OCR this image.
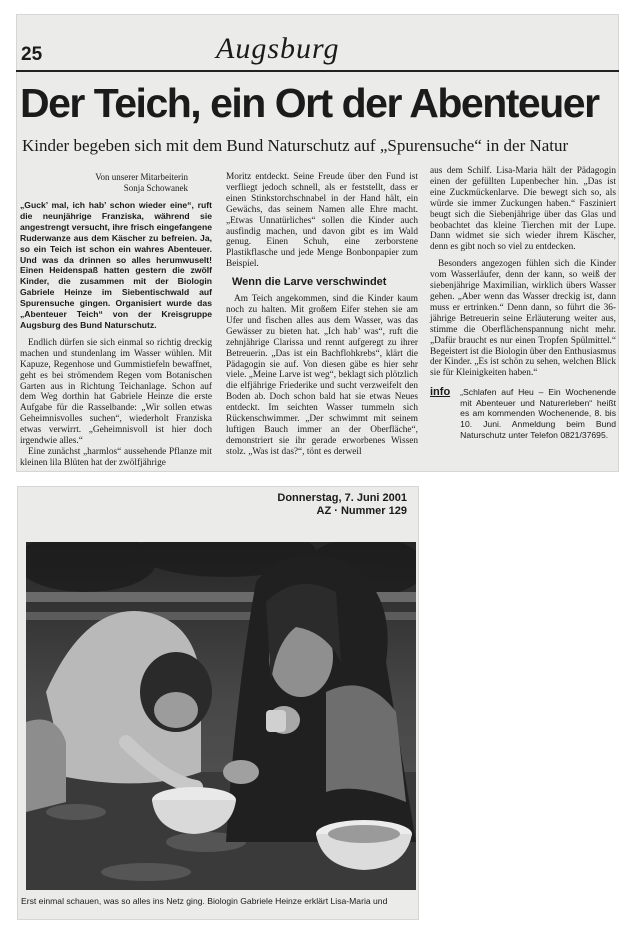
25	Augsburg
Der Teich, ein Ort der Abenteuer
Kinder begeben sich mit dem Bund Naturschutz auf „Spurensuche“ in der Natur
Von unserer Mitarbeiterin
Sonja Schowanek

„Guck’ mal, ich hab’ schon wieder eine“, ruft die neunjährige Franziska, während sie angestrengt versucht, ihre frisch eingefangene Ruderwanze aus dem Käscher zu befreien. Ja, so ein Teich ist schon ein wahres Abenteuer. Und was da drinnen so alles herumwuselt! Einen Heidenspaß hatten gestern die zwölf Kinder, die zusammen mit der Biologin Gabriele Heinze im Siebentischwald auf Spurensuche gingen. Organisiert wurde das „Abenteuer Teich“ von der Kreisgruppe Augsburg des Bund Naturschutz.

Endlich dürfen sie sich einmal so richtig dreckig machen und stundenlang im Wasser wühlen. Mit Kapuze, Regenhose und Gummistiefeln bewaffnet, geht es bei strömendem Regen vom Botanischen Garten aus in Richtung Teichanlage. Schon auf dem Weg dorthin hat Gabriele Heinze die erste Aufgabe für die Rasselbande: „Wir sollen etwas Geheimnisvolles suchen“, wiederholt Franziska etwas verwirrt. „Geheimnisvoll ist hier doch irgendwie alles.“

Eine zunächst „harmlos“ aussehende Pflanze mit kleinen lila Blüten hat der zwölfjährige

Moritz entdeckt. Seine Freude über den Fund ist verfliegt jedoch schnell, als er feststellt, dass er einen Stinkstorchschnabel in der Hand hält, ein Gewächs, das seinem Namen alle Ehre macht. „Etwas Unnatürliches“ sollen die Kinder auch ausfindig machen, und davon gibt es im Wald genug. Einen Schuh, eine zerborstene Plastikflasche und jede Menge Bonbonpapier zum Beispiel.

Wenn die Larve verschwindet

Am Teich angekommen, sind die Kinder kaum noch zu halten. Mit großem Eifer stehen sie am Ufer und fischen alles aus dem Wasser, was das Gewässer zu bieten hat. „Ich hab’ was“, ruft die zehnjährige Clarissa und rennt aufgeregt zu ihrer Betreuerin. „Das ist ein Bachflohkrebs“, klärt die Pädagogin sie auf. Von diesen gäbe es hier sehr viele. „Meine Larve ist weg“, beklagt sich plötzlich die elfjährige Friederike und sucht verzweifelt den Boden ab. Doch schon bald hat sie etwas Neues entdeckt. Im seichten Wasser tummeln sich Rückenschwimmer. „Der schwimmt mit seinem luftigen Bauch immer an der Oberfläche“, demonstriert sie ihr gerade erworbenes Wissen stolz. „Was ist das?“, tönt es derweil

aus dem Schilf. Lisa-Maria hält der Pädagogin einen der gefüllten Lupenbecher hin. „Das ist eine Zuckmückenlarve. Die bewegt sich so, als würde sie immer Zuckungen haben.“ Fasziniert beugt sich die Siebenjährige über das Glas und beobachtet das kleine Tierchen mit der Lupe. Dann widmet sie sich wieder ihrem Käscher, denn es gibt noch so viel zu entdecken.

Besonders angezogen fühlen sich die Kinder vom Wasserläufer, denn der kann, so weiß der siebenjährige Maximilian, wirklich übers Wasser gehen. „Aber wenn das Wasser dreckig ist, dann muss er ertrinken.“ Denn dann, so führt die 36-jährige Betreuerin seine Erläuterung weiter aus, stimme die Oberflächenspannung nicht mehr. „Dafür braucht es nur einen Tropfen Spülmittel.“ Begeistert ist die Biologin über den Enthusiasmus der Kinder. „Es ist schön zu sehen, welchen Blick sie für Kleinigkeiten haben.“

info „Schlafen auf Heu – Ein Wochenende mit Abenteuer und Naturerleben“ heißt es am kommenden Wochenende, 8. bis 10. Juni. Anmeldung beim Bund Naturschutz unter Telefon 0821/37695.
Donnerstag, 7. Juni 2001
AZ · Nummer 129
Erst einmal schauen, was so alles ins Netz ging. Biologin Gabriele Heinze erklärt Lisa-Maria und
